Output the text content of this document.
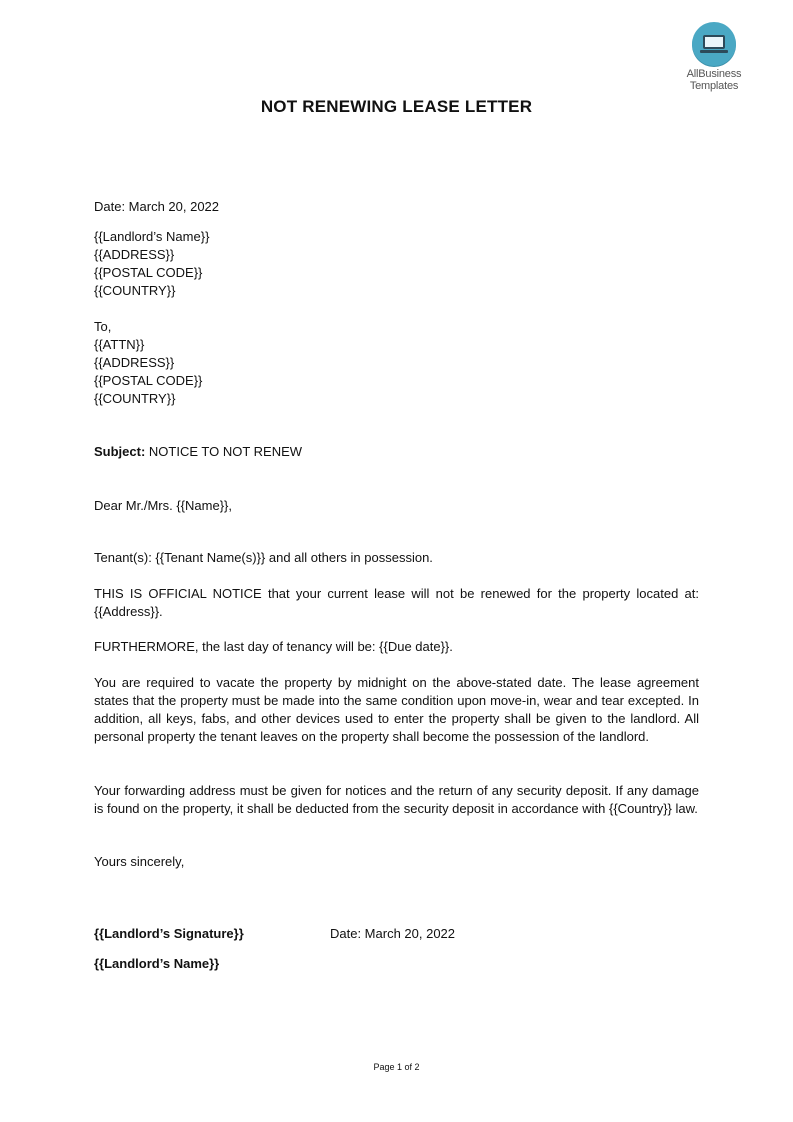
AllBusiness
Templates
NOT RENEWING LEASE LETTER

Date: March 20, 2022

{{Landlord’s Name}}

{{ADDRESS}}

{{POSTAL CODE}}

{{COUNTRY}}

To,

{{ATTN}}

{{ADDRESS}}

{{POSTAL CODE}}

{{COUNTRY}}

Subject: NOTICE TO NOT RENEW

Dear Mr./Mrs. {{Name}},

Tenant(s): {{Tenant Name(s)}} and all others in possession.

THIS IS OFFICIAL NOTICE that your current lease will not be renewed for the property located at: {{Address}}.

FURTHERMORE, the last day of tenancy will be: {{Due date}}.

You are required to vacate the property by midnight on the above-stated date. The lease agreement states that the property must be made into the same condition upon move-in, wear and tear excepted. In addition, all keys, fabs, and other devices used to enter the property shall be given to the landlord. All personal property the tenant leaves on the property shall become the possession of the landlord.

Your forwarding address must be given for notices and the return of any security deposit. If any damage is found on the property, it shall be deducted from the security deposit in accordance with {{Country}} law.

Yours sincerely,

{{Landlord’s Signature}}	Date: March 20, 2022

{{Landlord’s Name}}

Page 1 of 2
